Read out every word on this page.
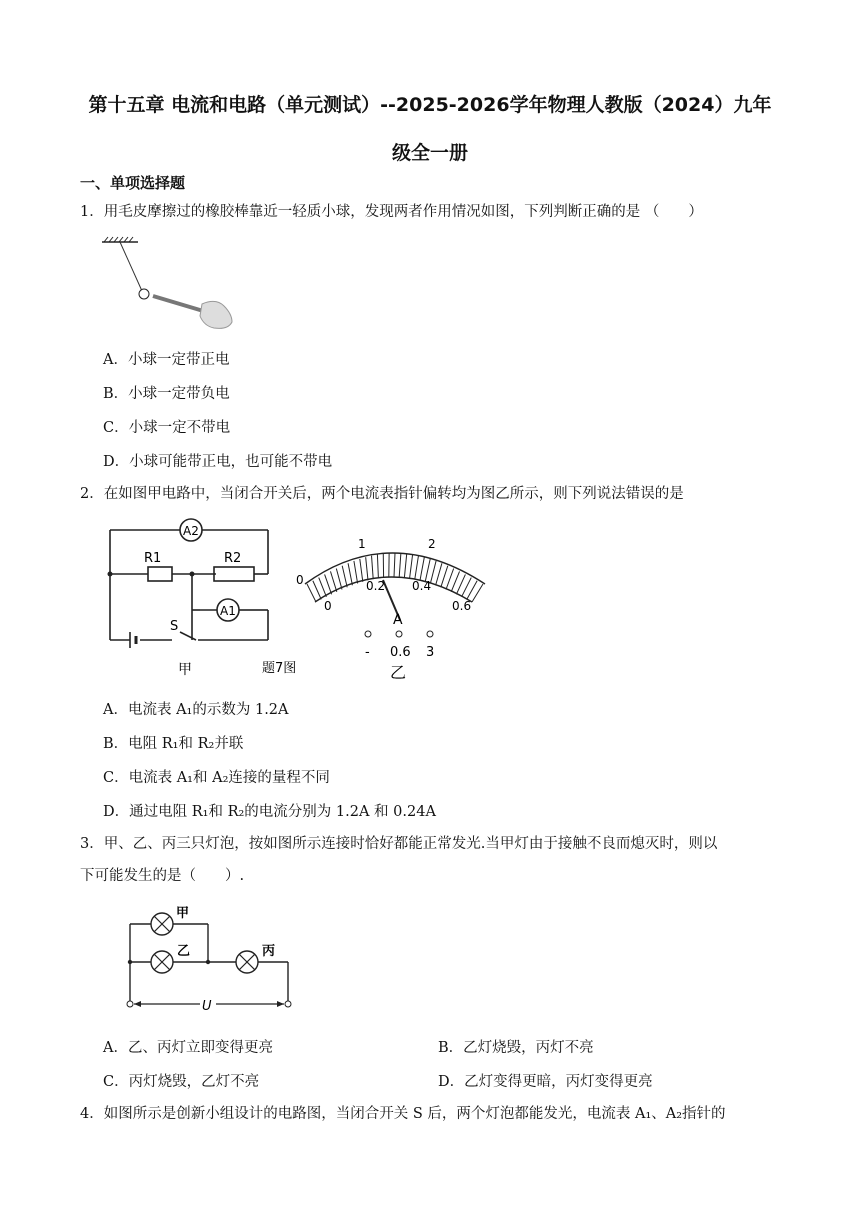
第十五章 电流和电路（单元测试）--2025-2026学年物理人教版（2024）九年
级全一册
一、单项选择题
1．用毛皮摩擦过的橡胶棒靠近一轻质小球，发现两者作用情况如图，下列判断正确的是 （　　）
A．小球一定带正电
B．小球一定带负电
C．小球一定不带电
D．小球可能带正电，也可能不带电
2．在如图甲电路中，当闭合开关后，两个电流表指针偏转均为图乙所示，则下列说法错误的是
A2
A1
R1	R2
S
甲	题7图
0
1	2
0
0.2 0.4
0.6
A
- 0.6 3
乙
A．电流表 A₁的示数为 1.2A
B．电阻 R₁和 R₂并联
C．电流表 A₁和 A₂连接的量程不同
D．通过电阻 R₁和 R₂的电流分别为 1.2A 和 0.24A
3．甲、乙、丙三只灯泡，按如图所示连接时恰好都能正常发光.当甲灯由于接触不良而熄灭时，则以
下可能发生的是（　　）.
甲
乙	丙
U
A．乙、丙灯立即变得更亮	B．乙灯烧毁，丙灯不亮
C．丙灯烧毁，乙灯不亮	D．乙灯变得更暗，丙灯变得更亮
4．如图所示是创新小组设计的电路图，当闭合开关 S 后，两个灯泡都能发光，电流表 A₁、A₂指针的
